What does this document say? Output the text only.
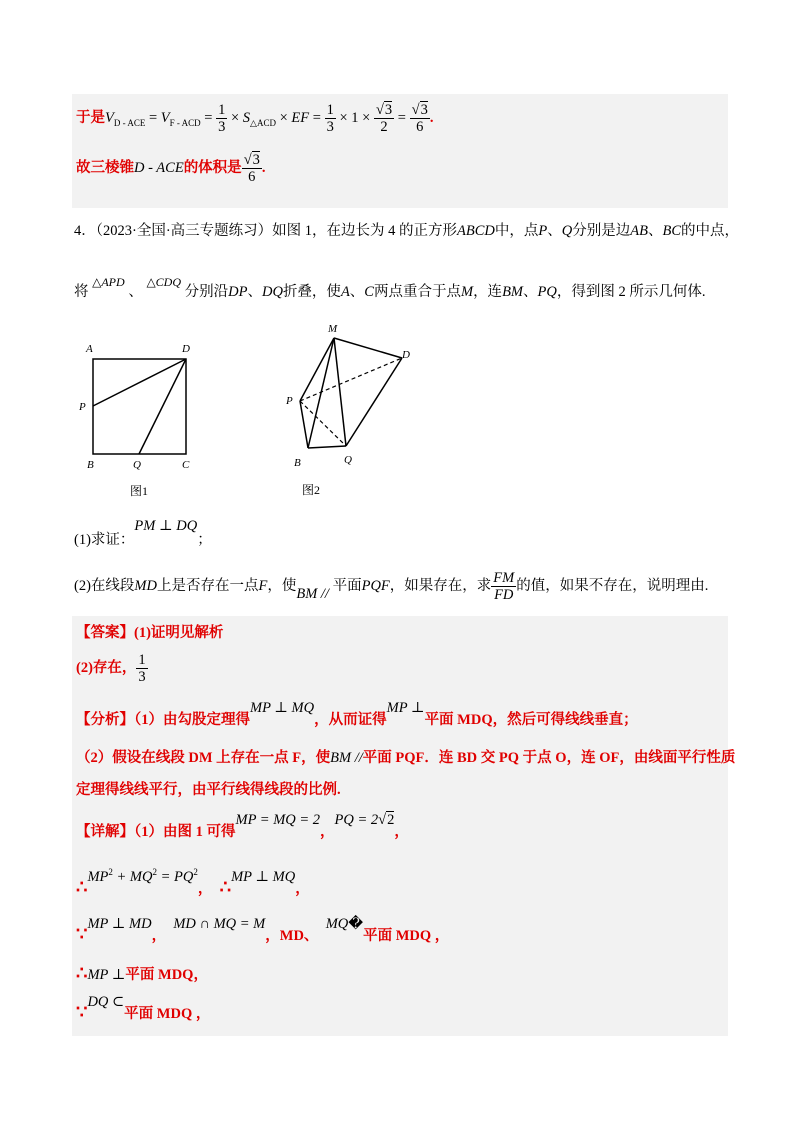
于是$V_{D - ACE} = V_{F - ACD} = \frac{1}{3} \times S_{\triangle ACD}$ × EF = $\frac{1}{3} \times 1 \times \frac{√3}{2} = \frac{√3}{6}$ .
故三棱锥D - ACE的体积是 $\frac{√3}{6}$ .
4．（2023·全国·高三专题练习）如图 1，在边长为 4 的正方形ABCD中，点P、Q分别是边AB、BC的中点，
将 $^{\triangle APD}$ 、 $^{\triangle CDQ}$ 分别沿DP、DQ折叠，使A、C两点重合于点M，连BM、PQ，得到图 2 所示几何体.
A	D
P
B	Q	C
图1
M
D
P
B	Q
图2
(1)求证：PM ⊥ DQ；
(2)在线段MD上是否存在一点F，使BM // 平面PQF，如果存在，求 $\frac{FM}{FD}$ 的值，如果不存在，说明理由.
【答案】(1)证明见解析
(2)存在， $\frac{1}{3}$
【分析】（1）由勾股定理得MP ⊥ MQ，从而证得MP ⊥平面 MDQ，然后可得线线垂直；
（2）假设在线段 DM 上存在一点 F，使BM //平面 PQF．连 BD 交 PQ 于点 O，连 OF，由线面平行性质
定理得线线平行，由平行线得线段的比例.
【详解】（1）由图 1 可得MP = MQ = 2，PQ = 2√2，
$\therefore MP^2 + MQ^2 = PQ^2$， ∴MP ⊥ MQ，
∵MP ⊥ MD，  MD ∩ MQ = M，MD、  MQ�平面 MDQ ，
∴MP ⊥平面 MDQ，
∵DQ ⊂平面 MDQ ，
